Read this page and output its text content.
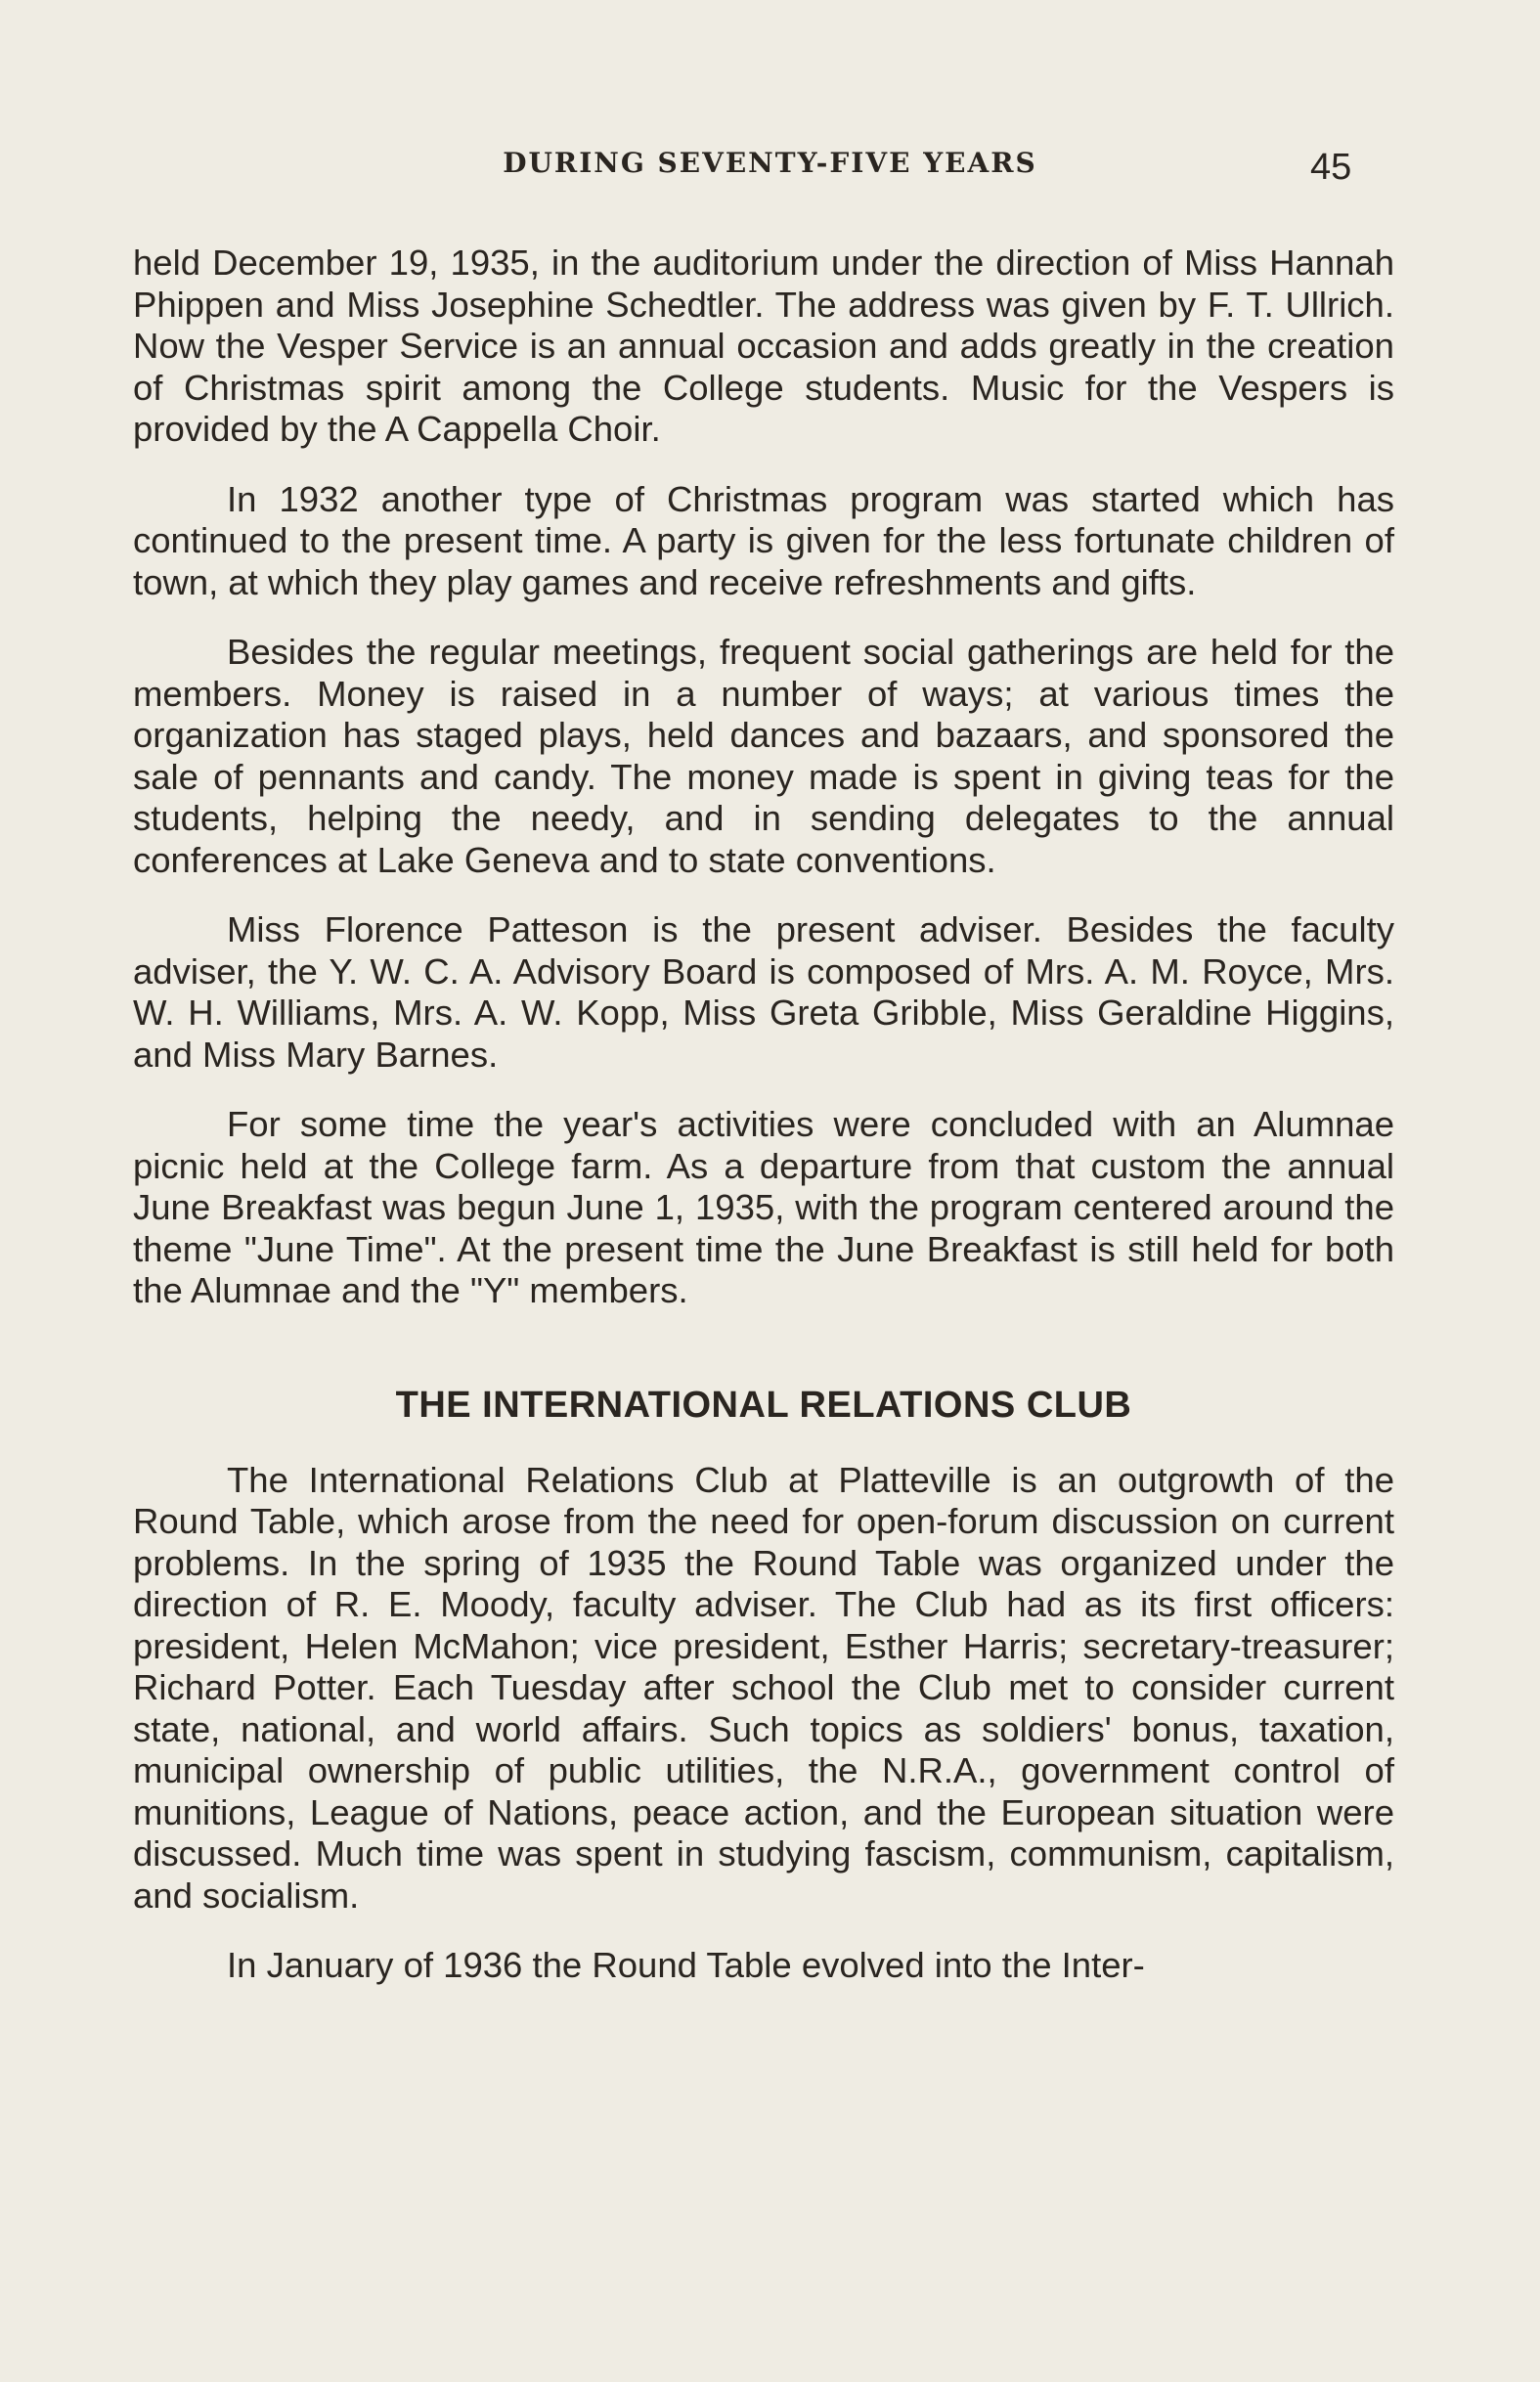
DURING SEVENTY-FIVE YEARS	45

held December 19, 1935, in the auditorium under the direction of Miss Hannah Phippen and Miss Josephine Schedtler. The address was given by F. T. Ullrich. Now the Vesper Service is an annual occasion and adds greatly in the creation of Christmas spirit among the College students. Music for the Vespers is provided by the A Cappella Choir.

In 1932 another type of Christmas program was started which has continued to the present time. A party is given for the less fortunate children of town, at which they play games and receive refreshments and gifts.

Besides the regular meetings, frequent social gatherings are held for the members. Money is raised in a number of ways; at various times the organization has staged plays, held dances and bazaars, and sponsored the sale of pennants and candy. The money made is spent in giving teas for the students, helping the needy, and in sending delegates to the annual conferences at Lake Geneva and to state conventions.

Miss Florence Patteson is the present adviser. Besides the faculty adviser, the Y. W. C. A. Advisory Board is composed of Mrs. A. M. Royce, Mrs. W. H. Williams, Mrs. A. W. Kopp, Miss Greta Gribble, Miss Geraldine Higgins, and Miss Mary Barnes.

For some time the year's activities were concluded with an Alumnae picnic held at the College farm. As a departure from that custom the annual June Breakfast was begun June 1, 1935, with the program centered around the theme "June Time". At the present time the June Breakfast is still held for both the Alumnae and the "Y" members.

THE INTERNATIONAL RELATIONS CLUB

The International Relations Club at Platteville is an outgrowth of the Round Table, which arose from the need for open-forum discussion on current problems. In the spring of 1935 the Round Table was organized under the direction of R. E. Moody, faculty adviser. The Club had as its first officers: president, Helen McMahon; vice president, Esther Harris; secretary-treasurer; Richard Potter. Each Tuesday after school the Club met to consider current state, national, and world affairs. Such topics as soldiers' bonus, taxation, municipal ownership of public utilities, the N.R.A., government control of munitions, League of Nations, peace action, and the European situation were discussed. Much time was spent in studying fascism, communism, capitalism, and socialism.

In January of 1936 the Round Table evolved into the Inter-
